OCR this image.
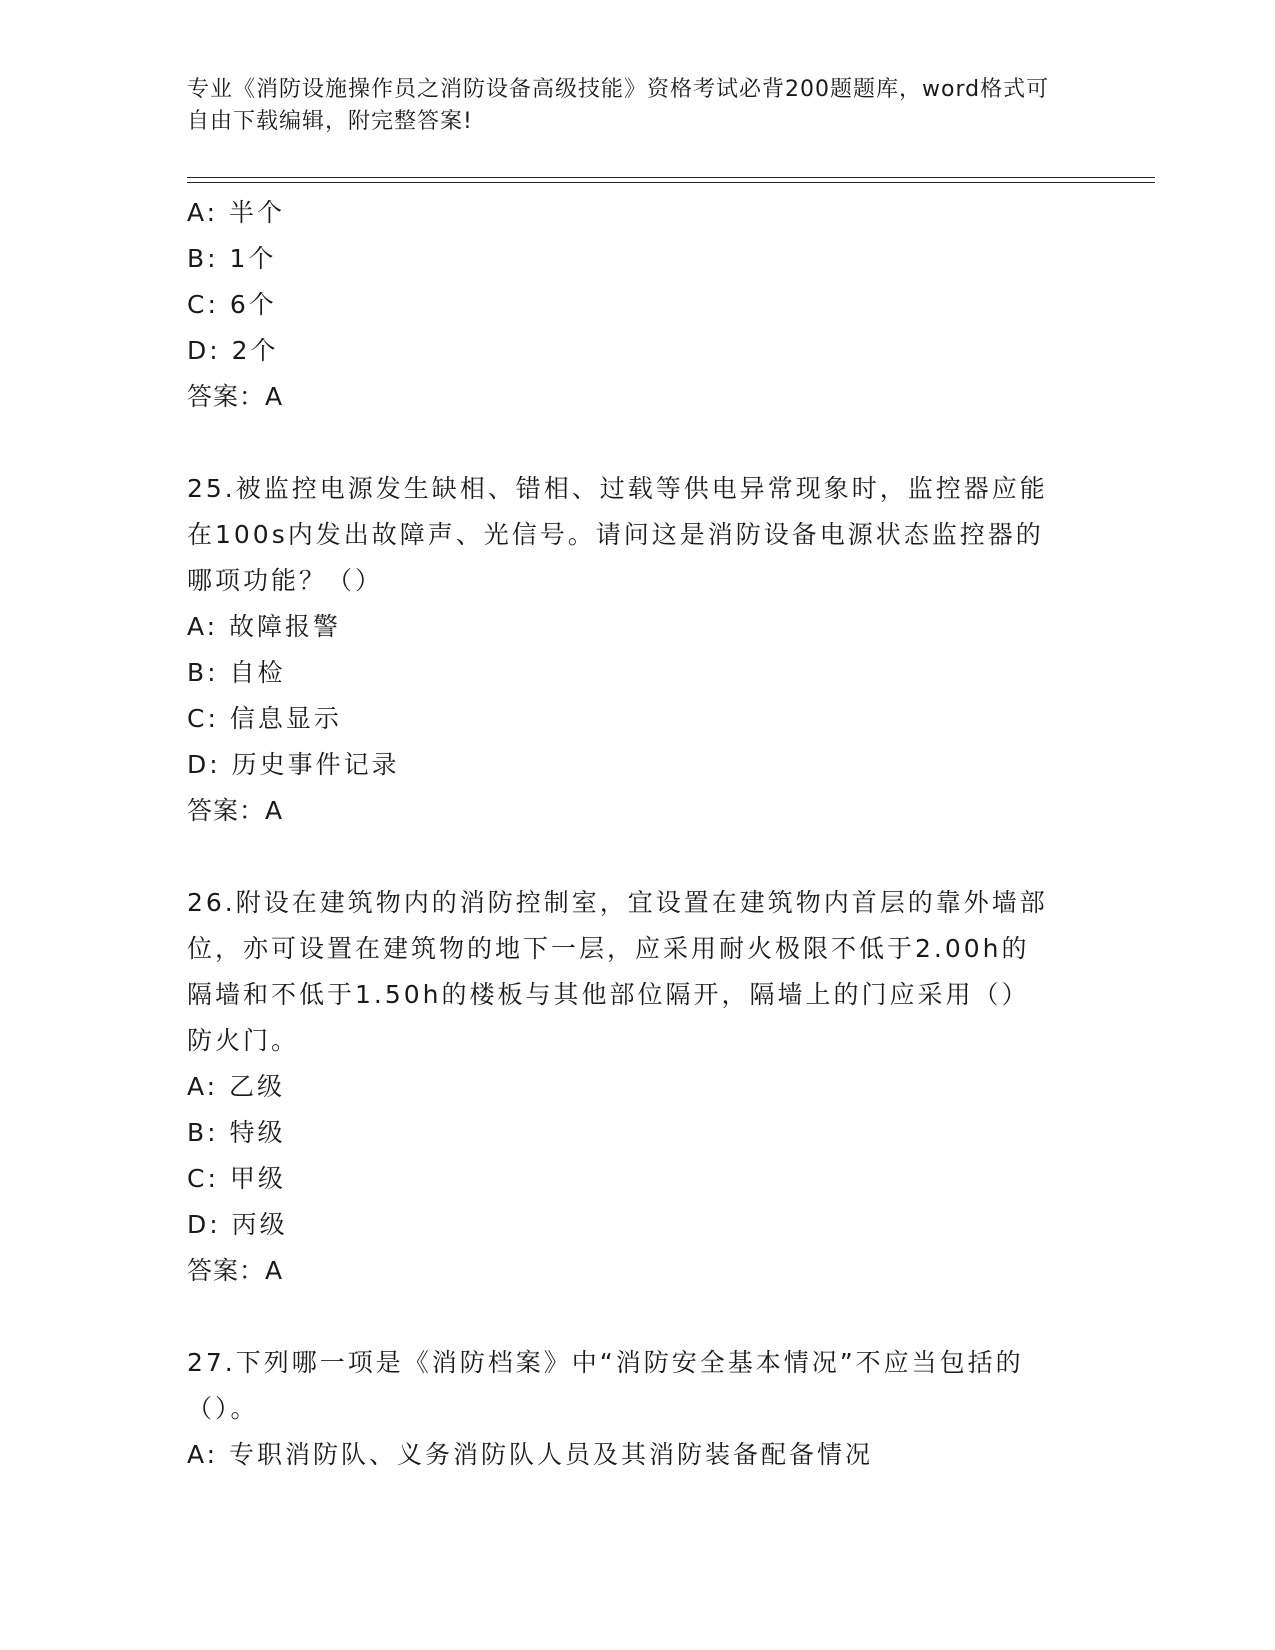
专业《消防设施操作员之消防设备高级技能》资格考试必背200题题库，word格式可自由下载编辑，附完整答案!
A: 半个
B: 1个
C: 6个
D: 2个
答案：A
25.被监控电源发生缺相、错相、过载等供电异常现象时，监控器应能
在100s内发出故障声、光信号。请问这是消防设备电源状态监控器的
哪项功能？（）
A: 故障报警
B: 自检
C: 信息显示
D: 历史事件记录
答案：A
26.附设在建筑物内的消防控制室，宜设置在建筑物内首层的靠外墙部
位，亦可设置在建筑物的地下一层，应采用耐火极限不低于2.00h的
隔墙和不低于1.50h的楼板与其他部位隔开，隔墙上的门应采用（）
防火门。
A: 乙级
B: 特级
C: 甲级
D: 丙级
答案：A
27.下列哪一项是《消防档案》中“消防安全基本情况”不应当包括的
（）。
A: 专职消防队、义务消防队人员及其消防装备配备情况
